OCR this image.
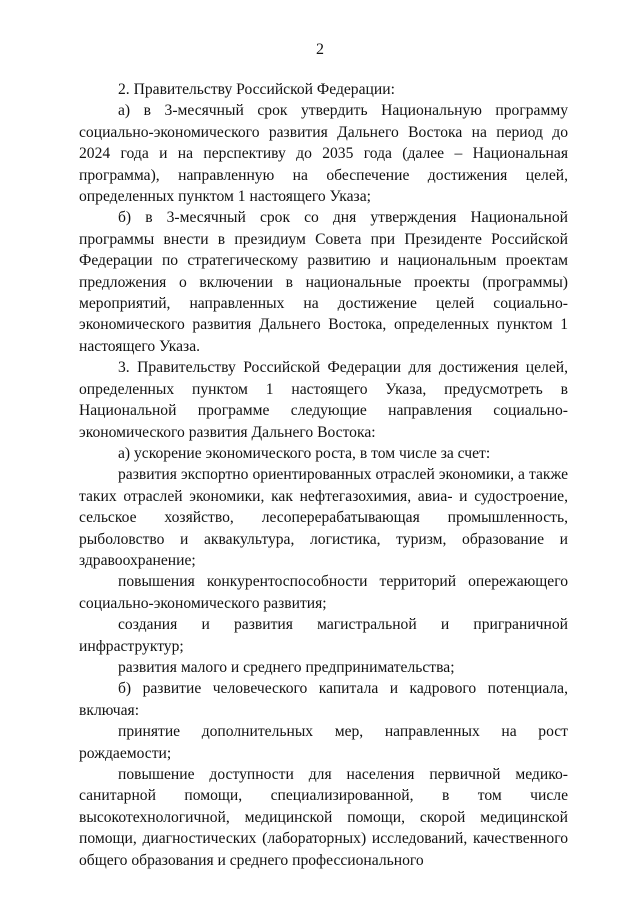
2

2. Правительству Российской Федерации:

а) в 3-месячный срок утвердить Национальную программу социально-экономического развития Дальнего Востока на период до 2024 года и на перспективу до 2035 года (далее – Национальная программа), направленную на обеспечение достижения целей, определенных пунктом 1 настоящего Указа;

б) в 3-месячный срок со дня утверждения Национальной программы внести в президиум Совета при Президенте Российской Федерации по стратегическому развитию и национальным проектам предложения о включении в национальные проекты (программы) мероприятий, направленных на достижение целей социально-экономического развития Дальнего Востока, определенных пунктом 1 настоящего Указа.

3. Правительству Российской Федерации для достижения целей, определенных пунктом 1 настоящего Указа, предусмотреть в Национальной программе следующие направления социально-экономического развития Дальнего Востока:

а) ускорение экономического роста, в том числе за счет:

развития экспортно ориентированных отраслей экономики, а также таких отраслей экономики, как нефтегазохимия, авиа- и судостроение, сельское хозяйство, лесоперерабатывающая промышленность, рыболовство и аквакультура, логистика, туризм, образование и здравоохранение;

повышения конкурентоспособности территорий опережающего социально-экономического развития;

создания и развития магистральной и приграничной инфраструктур;

развития малого и среднего предпринимательства;

б) развитие человеческого капитала и кадрового потенциала, включая:

принятие дополнительных мер, направленных на рост рождаемости;

повышение доступности для населения первичной медико-санитарной помощи, специализированной, в том числе высокотехнологичной, медицинской помощи, скорой медицинской помощи, диагностических (лабораторных) исследований, качественного общего образования и среднего профессионального
